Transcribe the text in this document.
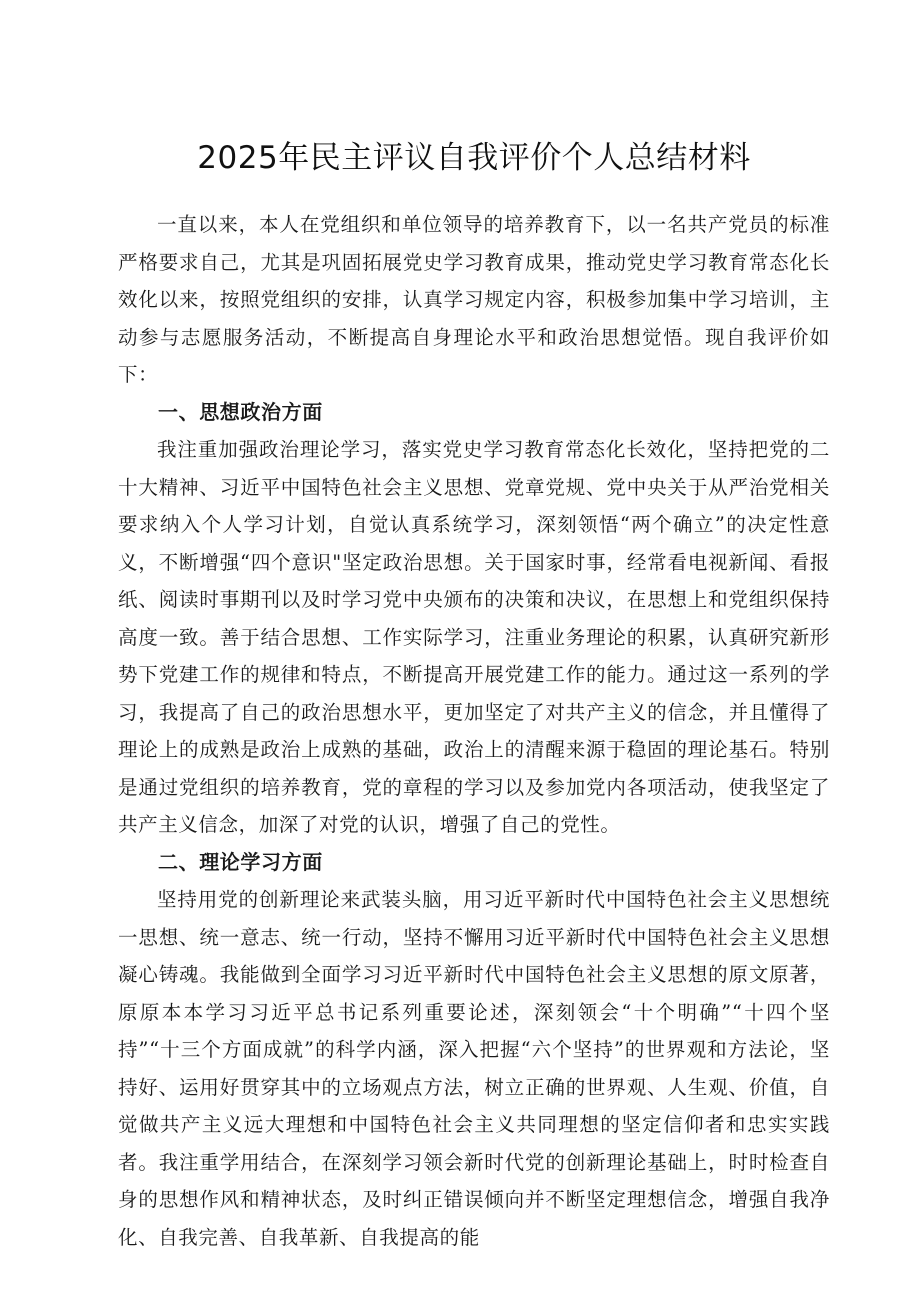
2025年民主评议自我评价个人总结材料

一直以来，本人在党组织和单位领导的培养教育下，以一名共产党员的标准严格要求自己，尤其是巩固拓展党史学习教育成果，推动党史学习教育常态化长效化以来，按照党组织的安排，认真学习规定内容，积极参加集中学习培训，主动参与志愿服务活动，不断提高自身理论水平和政治思想觉悟。现自我评价如下：

一、思想政治方面

我注重加强政治理论学习，落实党史学习教育常态化长效化，坚持把党的二十大精神、习近平中国特色社会主义思想、党章党规、党中央关于从严治党相关要求纳入个人学习计划，自觉认真系统学习，深刻领悟“两个确立”的决定性意义，不断增强“四个意识"坚定政治思想。关于国家时事，经常看电视新闻、看报纸、阅读时事期刊以及时学习党中央颁布的决策和决议，在思想上和党组织保持高度一致。善于结合思想、工作实际学习，注重业务理论的积累，认真研究新形势下党建工作的规律和特点，不断提高开展党建工作的能力。通过这一系列的学习，我提高了自己的政治思想水平，更加坚定了对共产主义的信念，并且懂得了理论上的成熟是政治上成熟的基础，政治上的清醒来源于稳固的理论基石。特别是通过党组织的培养教育，党的章程的学习以及参加党内各项活动，使我坚定了共产主义信念，加深了对党的认识，增强了自己的党性。

二、理论学习方面

坚持用党的创新理论来武装头脑，用习近平新时代中国特色社会主义思想统一思想、统一意志、统一行动，坚持不懈用习近平新时代中国特色社会主义思想凝心铸魂。我能做到全面学习习近平新时代中国特色社会主义思想的原文原著，原原本本学习习近平总书记系列重要论述，深刻领会“十个明确”“十四个坚持”“十三个方面成就”的科学内涵，深入把握“六个坚持”的世界观和方法论，坚持好、运用好贯穿其中的立场观点方法，树立正确的世界观、人生观、价值，自觉做共产主义远大理想和中国特色社会主义共同理想的坚定信仰者和忠实实践者。我注重学用结合，在深刻学习领会新时代党的创新理论基础上，时时检查自身的思想作风和精神状态，及时纠正错误倾向并不断坚定理想信念，增强自我净化、自我完善、自我革新、自我提高的能
